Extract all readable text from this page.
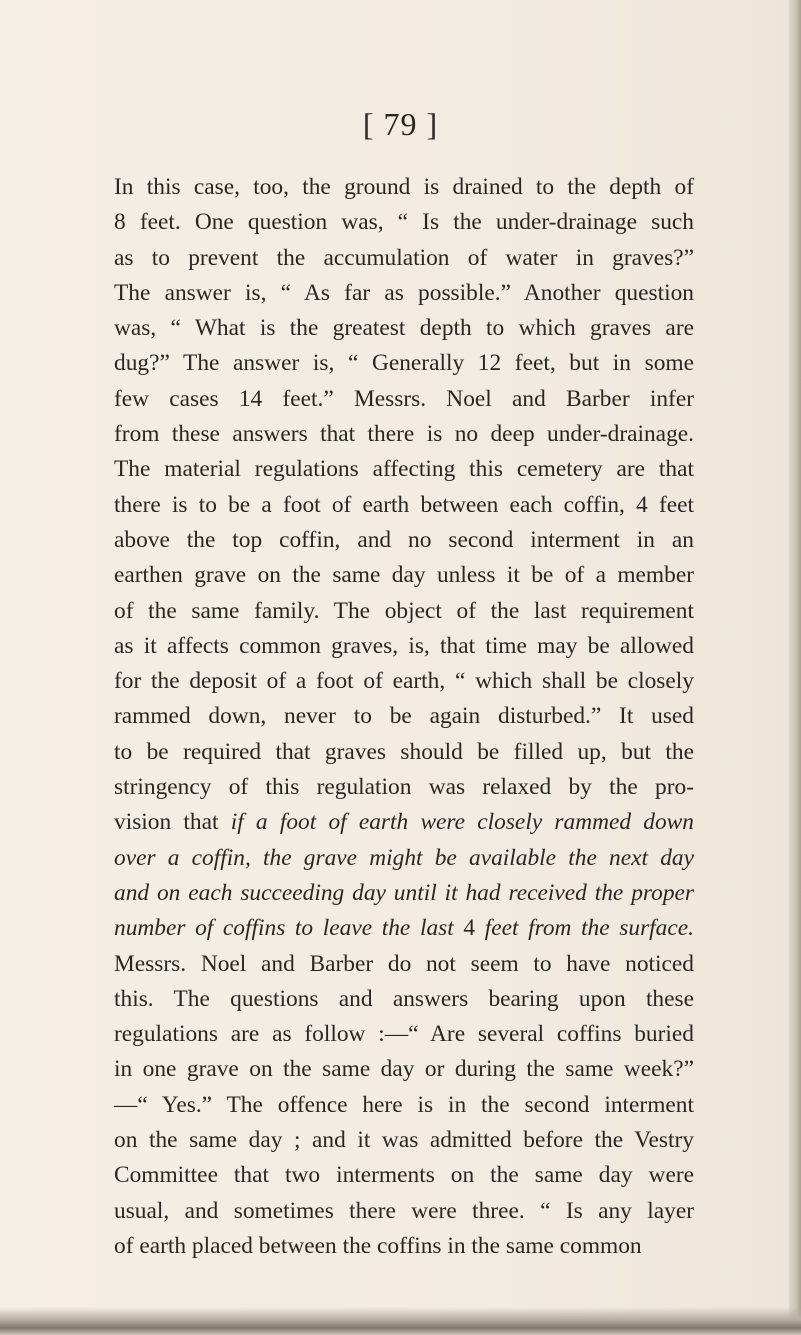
[ 79 ]
In this case, too, the ground is drained to the depth of
8 feet. One question was, “ Is the under-drainage such
as to prevent the accumulation of water in graves?”
The answer is, “ As far as possible.” Another question
was, “ What is the greatest depth to which graves are
dug?” The answer is, “ Generally 12 feet, but in some
few cases 14 feet.” Messrs. Noel and Barber infer
from these answers that there is no deep under-drainage.
The material regulations affecting this cemetery are that
there is to be a foot of earth between each coffin, 4 feet
above the top coffin, and no second interment in an
earthen grave on the same day unless it be of a member
of the same family. The object of the last requirement
as it affects common graves, is, that time may be allowed
for the deposit of a foot of earth, “ which shall be closely
rammed down, never to be again disturbed.” It used
to be required that graves should be filled up, but the
stringency of this regulation was relaxed by the pro-
vision that if a foot of earth were closely rammed down
over a coffin, the grave might be available the next day
and on each succeeding day until it had received the proper
number of coffins to leave the last 4 feet from the surface.
Messrs. Noel and Barber do not seem to have noticed
this. The questions and answers bearing upon these
regulations are as follow :—“ Are several coffins buried
in one grave on the same day or during the same week?”
—“ Yes.” The offence here is in the second interment
on the same day ; and it was admitted before the Vestry
Committee that two interments on the same day were
usual, and sometimes there were three. “ Is any layer
of earth placed between the coffins in the same common
